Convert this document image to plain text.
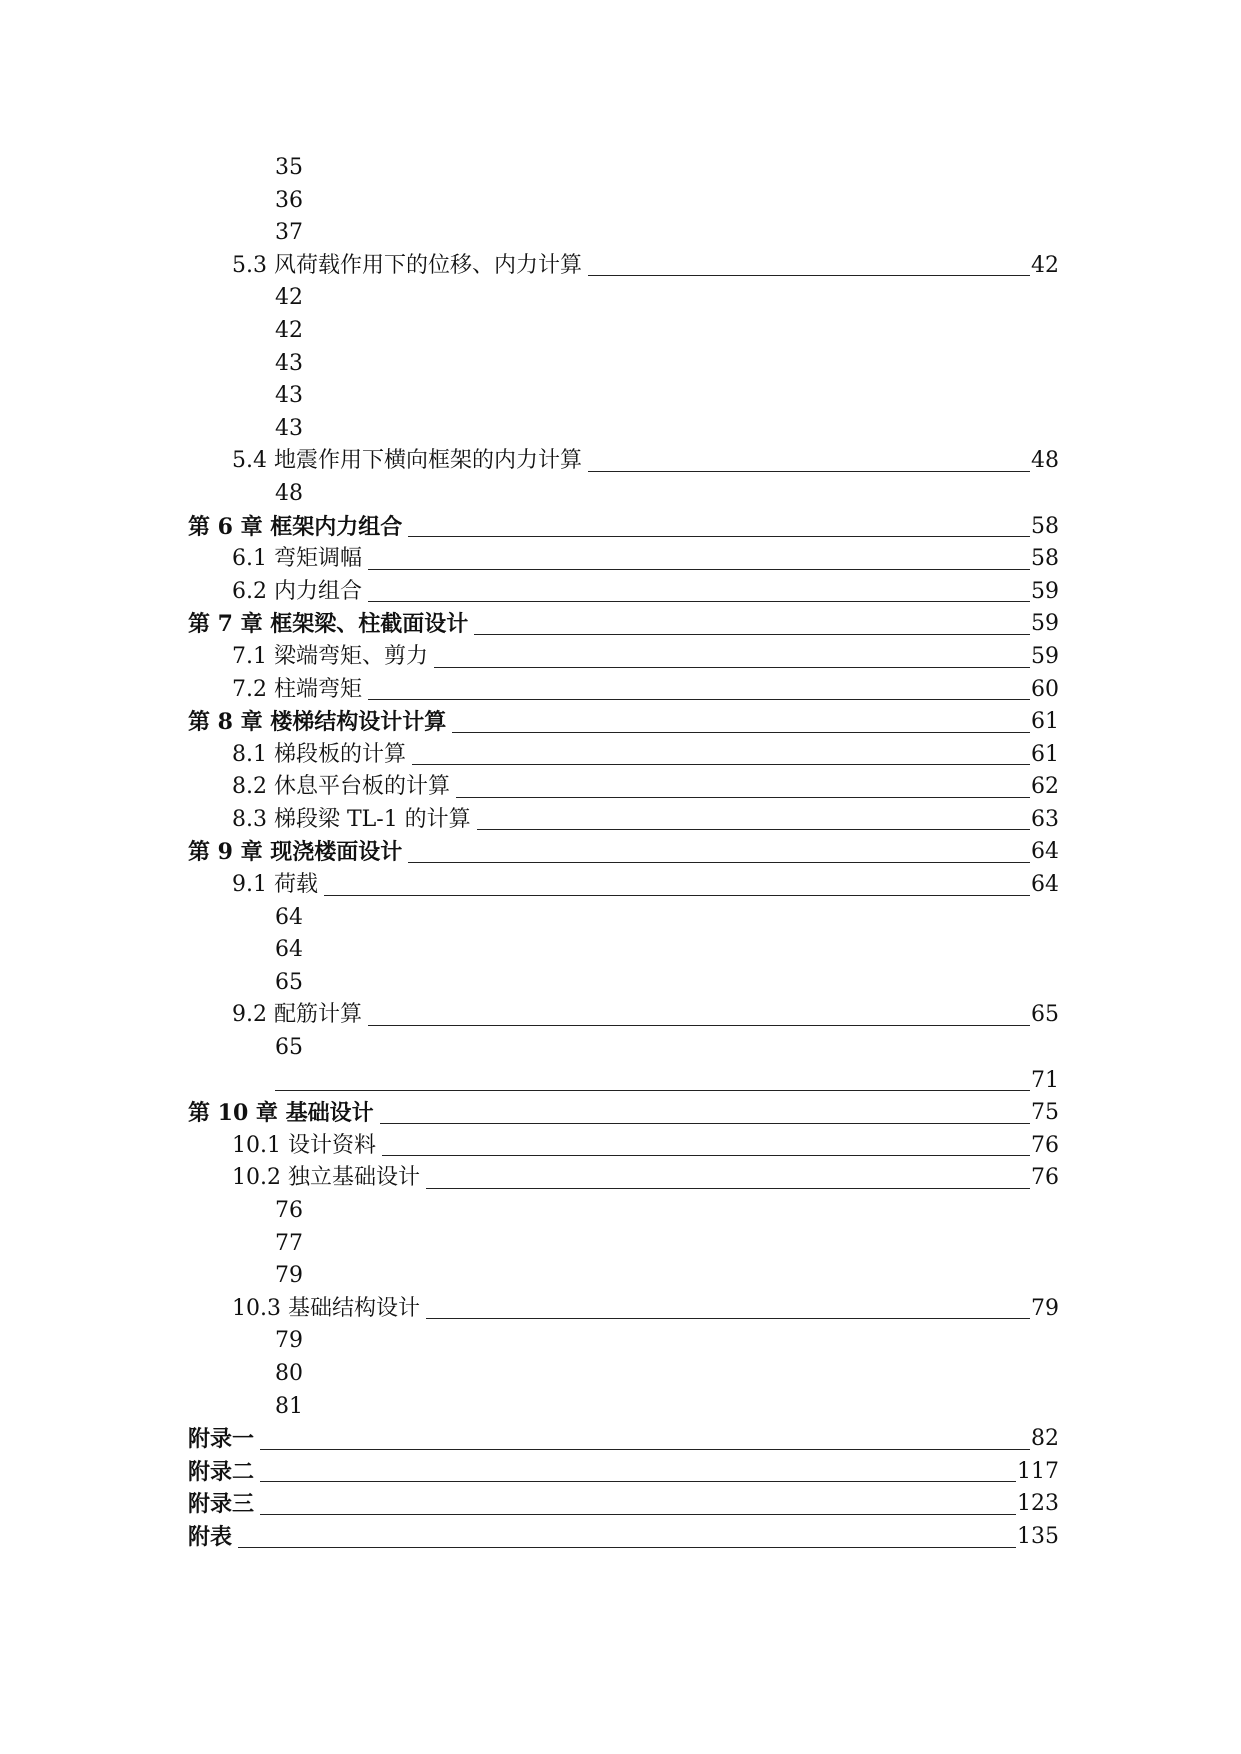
35
36
37
5.3 风荷载作用下的位移、内力计算	42
42
42
43
43
43
5.4 地震作用下横向框架的内力计算	48
48
第 6 章 框架内力组合	58
6.1 弯矩调幅	58
6.2 内力组合	59
第 7 章 框架梁、柱截面设计	59
7.1 梁端弯矩、剪力	59
7.2 柱端弯矩	60
第 8 章 楼梯结构设计计算	61
8.1 梯段板的计算	61
8.2 休息平台板的计算	62
8.3 梯段梁 TL-1 的计算	63
第 9 章 现浇楼面设计	64
9.1 荷载	64
64
64
65
9.2 配筋计算	65
65
71
第 10 章 基础设计	75
10.1 设计资料	76
10.2 独立基础设计	76
76
77
79
10.3 基础结构设计	79
79
80
81
附录一	82
附录二	117
附录三	123
附表	135
